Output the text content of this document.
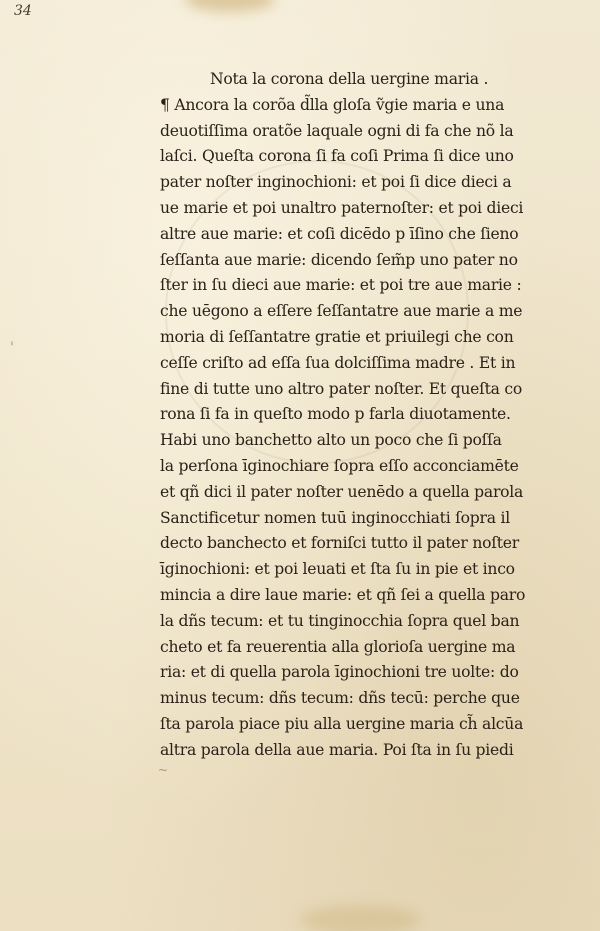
~
'
34
Nota la corona della uergine maria .
¶ Ancora la corõa d̃lla gloſa ṽgie maria e una
deuotiſſima oratõe laquale ogni di fa che nõ la
laſci. Queſta corona ſi fa coſi Prima ſi dice uno
pater noſter inginochioni: et poi ſi dice dieci a
ue marie et poi unaltro paternoſter: et poi dieci
altre aue marie: et coſi dicēdo p īſino che ſieno
ſeſſanta aue marie: dicendo ſem̃p uno pater no
ſter in ſu dieci aue marie: et poi tre aue marie :
che uēgono a eſſere ſeſſantatre aue marie a me
moria di ſeſſantatre gratie et priuilegi che con
ceſſe criſto ad eſſa ſua dolciſſima madre . Et in
fine di tutte uno altro pater noſter. Et queſta co
rona ſi fa in queſto modo p farla diuotamente.
Habi uno banchetto alto un poco che ſi poſſa
la perſona īginochiare ſopra eſſo acconciamēte
et qñ dici il pater noſter uenēdo a quella parola
Sanctificetur nomen tuū inginocchiati ſopra il
decto banchecto et forniſci tutto il pater noſter
īginochioni: et poi leuati et ſta ſu in pie et inco
mincia a dire laue marie: et qñ ſei a quella paro
la dñs tecum: et tu tinginocchia ſopra quel ban
cheto et fa reuerentia alla glorioſa uergine ma
ria: et di quella parola īginochioni tre uolte: do
minus tecum: dñs tecum: dñs tecū: perche que
ſta parola piace piu alla uergine maria ch̃ alcūa
altra parola della aue maria. Poi ſta in ſu piedi
